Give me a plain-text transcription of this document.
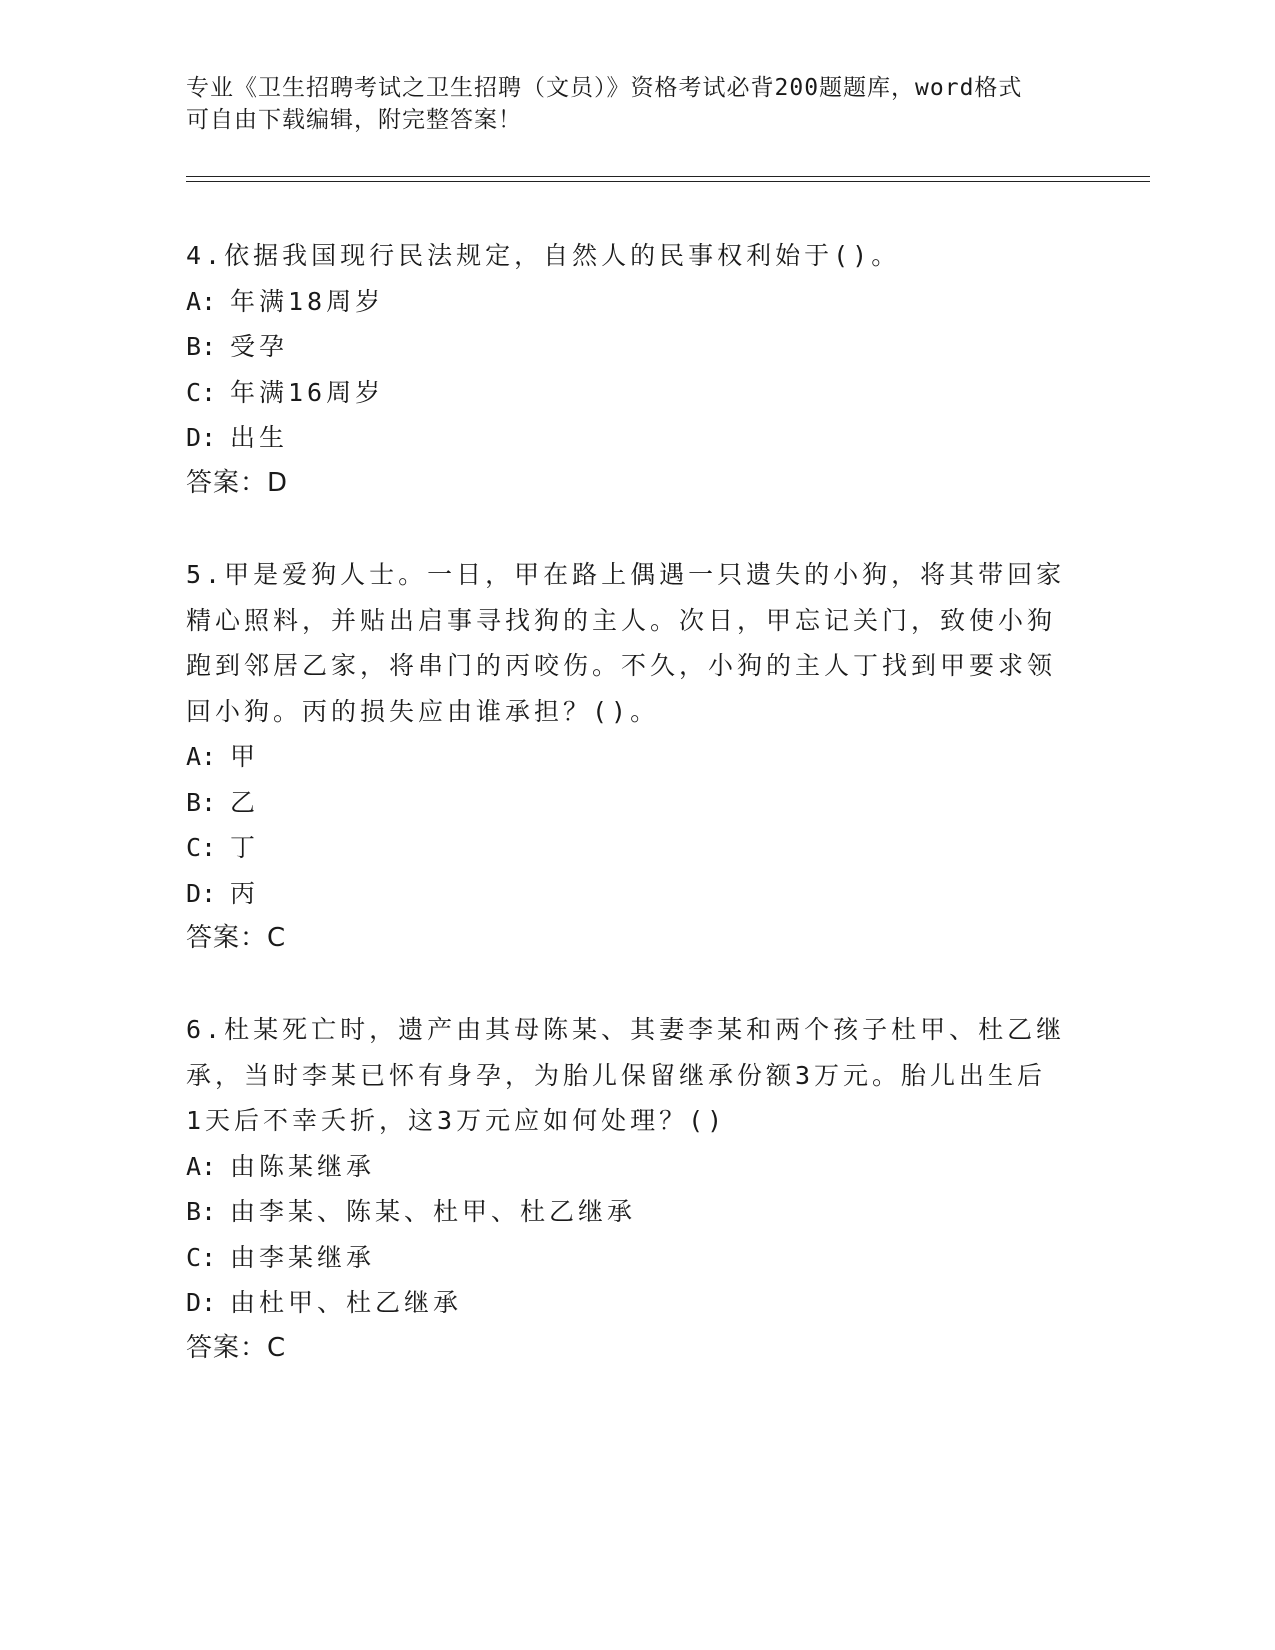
专业《卫生招聘考试之卫生招聘（文员）》资格考试必背200题题库，word格式
可自由下载编辑，附完整答案！

4.依据我国现行民法规定，自然人的民事权利始于()。

A: 年满18周岁

B: 受孕

C: 年满16周岁

D: 出生

答案：D

5.甲是爱狗人士。一日，甲在路上偶遇一只遗失的小狗，将其带回家

精心照料，并贴出启事寻找狗的主人。次日，甲忘记关门，致使小狗

跑到邻居乙家，将串门的丙咬伤。不久，小狗的主人丁找到甲要求领

回小狗。丙的损失应由谁承担？()。

A: 甲

B: 乙

C: 丁

D: 丙

答案：C

6.杜某死亡时，遗产由其母陈某、其妻李某和两个孩子杜甲、杜乙继

承，当时李某已怀有身孕，为胎儿保留继承份额3万元。胎儿出生后

1天后不幸夭折，这3万元应如何处理？()

A: 由陈某继承

B: 由李某、陈某、杜甲、杜乙继承

C: 由李某继承

D: 由杜甲、杜乙继承

答案：C
